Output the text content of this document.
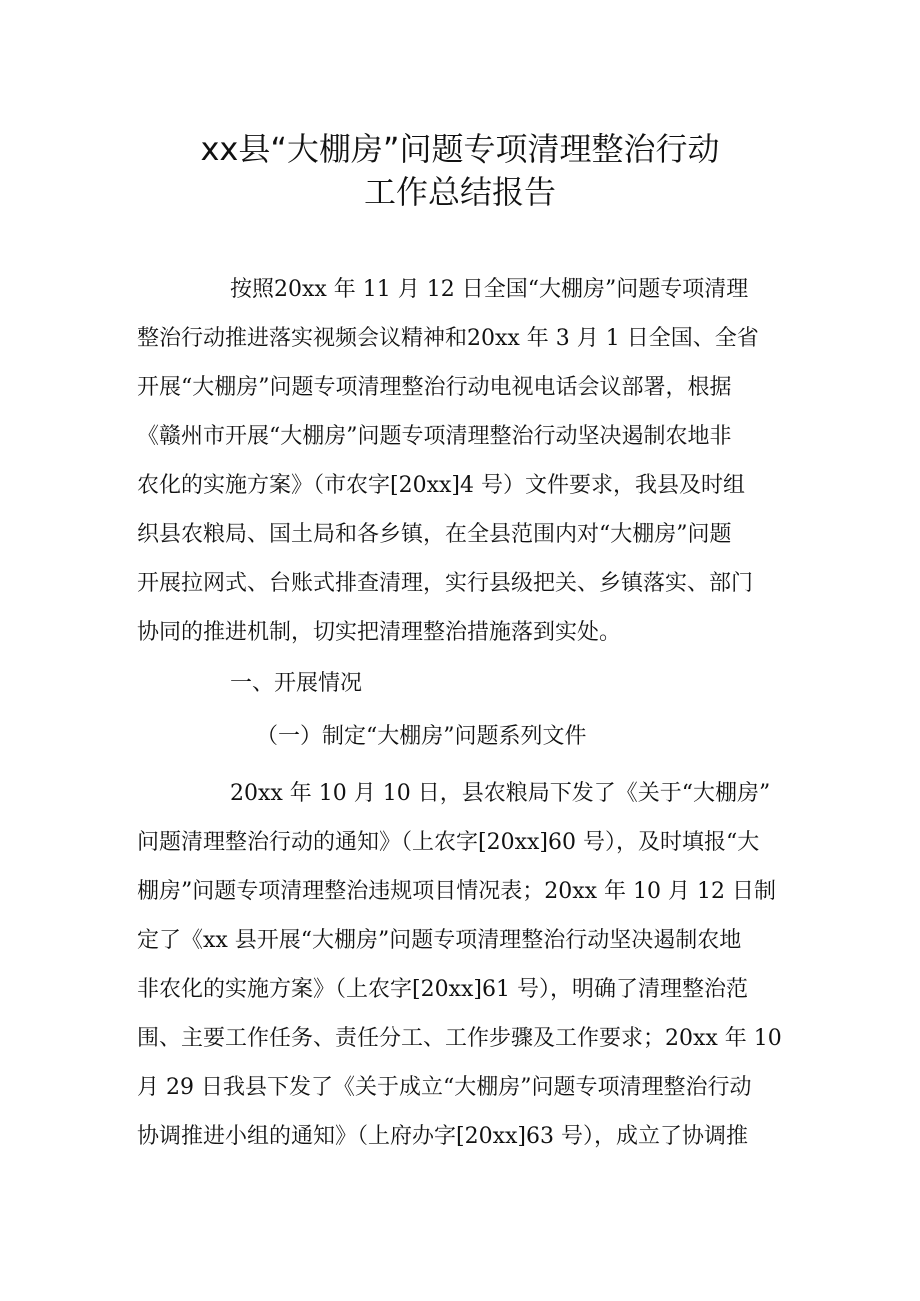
xx县“大棚房”问题专项清理整治行动
工作总结报告
按照20xx 年 11 月 12 日全国“大棚房”问题专项清理
整治行动推进落实视频会议精神和20xx 年 3 月 1 日全国、全省
开展“大棚房”问题专项清理整治行动电视电话会议部署，根据
《赣州市开展“大棚房”问题专项清理整治行动坚决遏制农地非
农化的实施方案》（市农字[20xx]4 号）文件要求，我县及时组
织县农粮局、国土局和各乡镇，在全县范围内对“大棚房”问题
开展拉网式、台账式排查清理，实行县级把关、乡镇落实、部门
协同的推进机制，切实把清理整治措施落到实处。
一、开展情况
（一）制定“大棚房”问题系列文件
20xx 年 10 月 10 日，县农粮局下发了《关于“大棚房”
问题清理整治行动的通知》（上农字[20xx]60 号），及时填报“大
棚房”问题专项清理整治违规项目情况表；20xx 年 10 月 12 日制
定了《xx 县开展“大棚房”问题专项清理整治行动坚决遏制农地
非农化的实施方案》（上农字[20xx]61 号），明确了清理整治范
围、主要工作任务、责任分工、工作步骤及工作要求；20xx 年 10
月 29 日我县下发了《关于成立“大棚房”问题专项清理整治行动
协调推进小组的通知》（上府办字[20xx]63 号），成立了协调推
